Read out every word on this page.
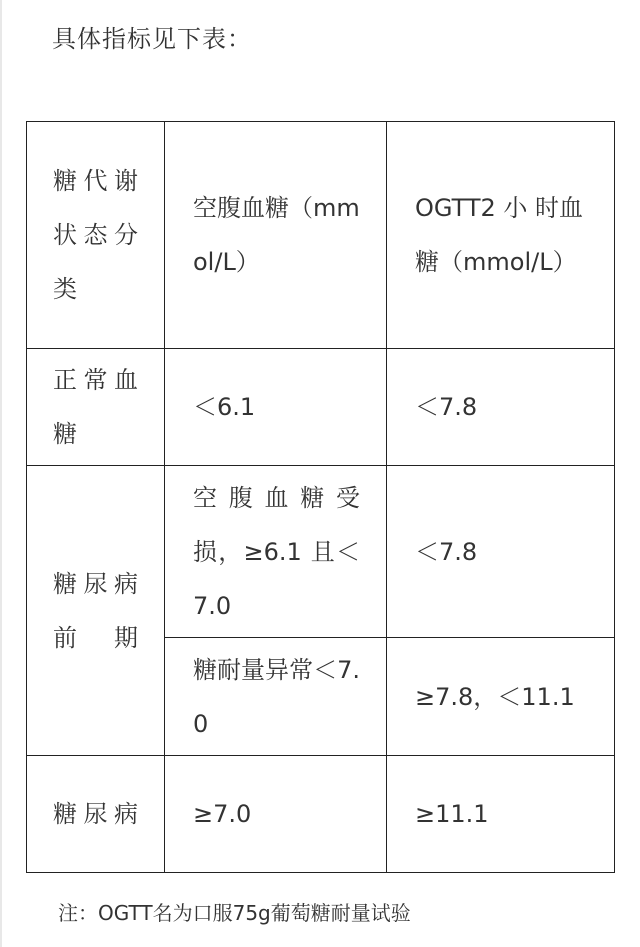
具体指标见下表：
糖代谢状态分类	空腹血糖（mmol/L）	OGTT2 小 时血糖（mmol/L）

正常血糖	＜6.1	＜7.8

糖尿病前期	空腹血糖受损，≥6.1 且＜7.0	＜7.8

	糖耐量异常＜7.0	≥7.8，＜11.1

糖尿病	≥7.0	≥11.1
注：OGTT名为口服75g葡萄糖耐量试验
